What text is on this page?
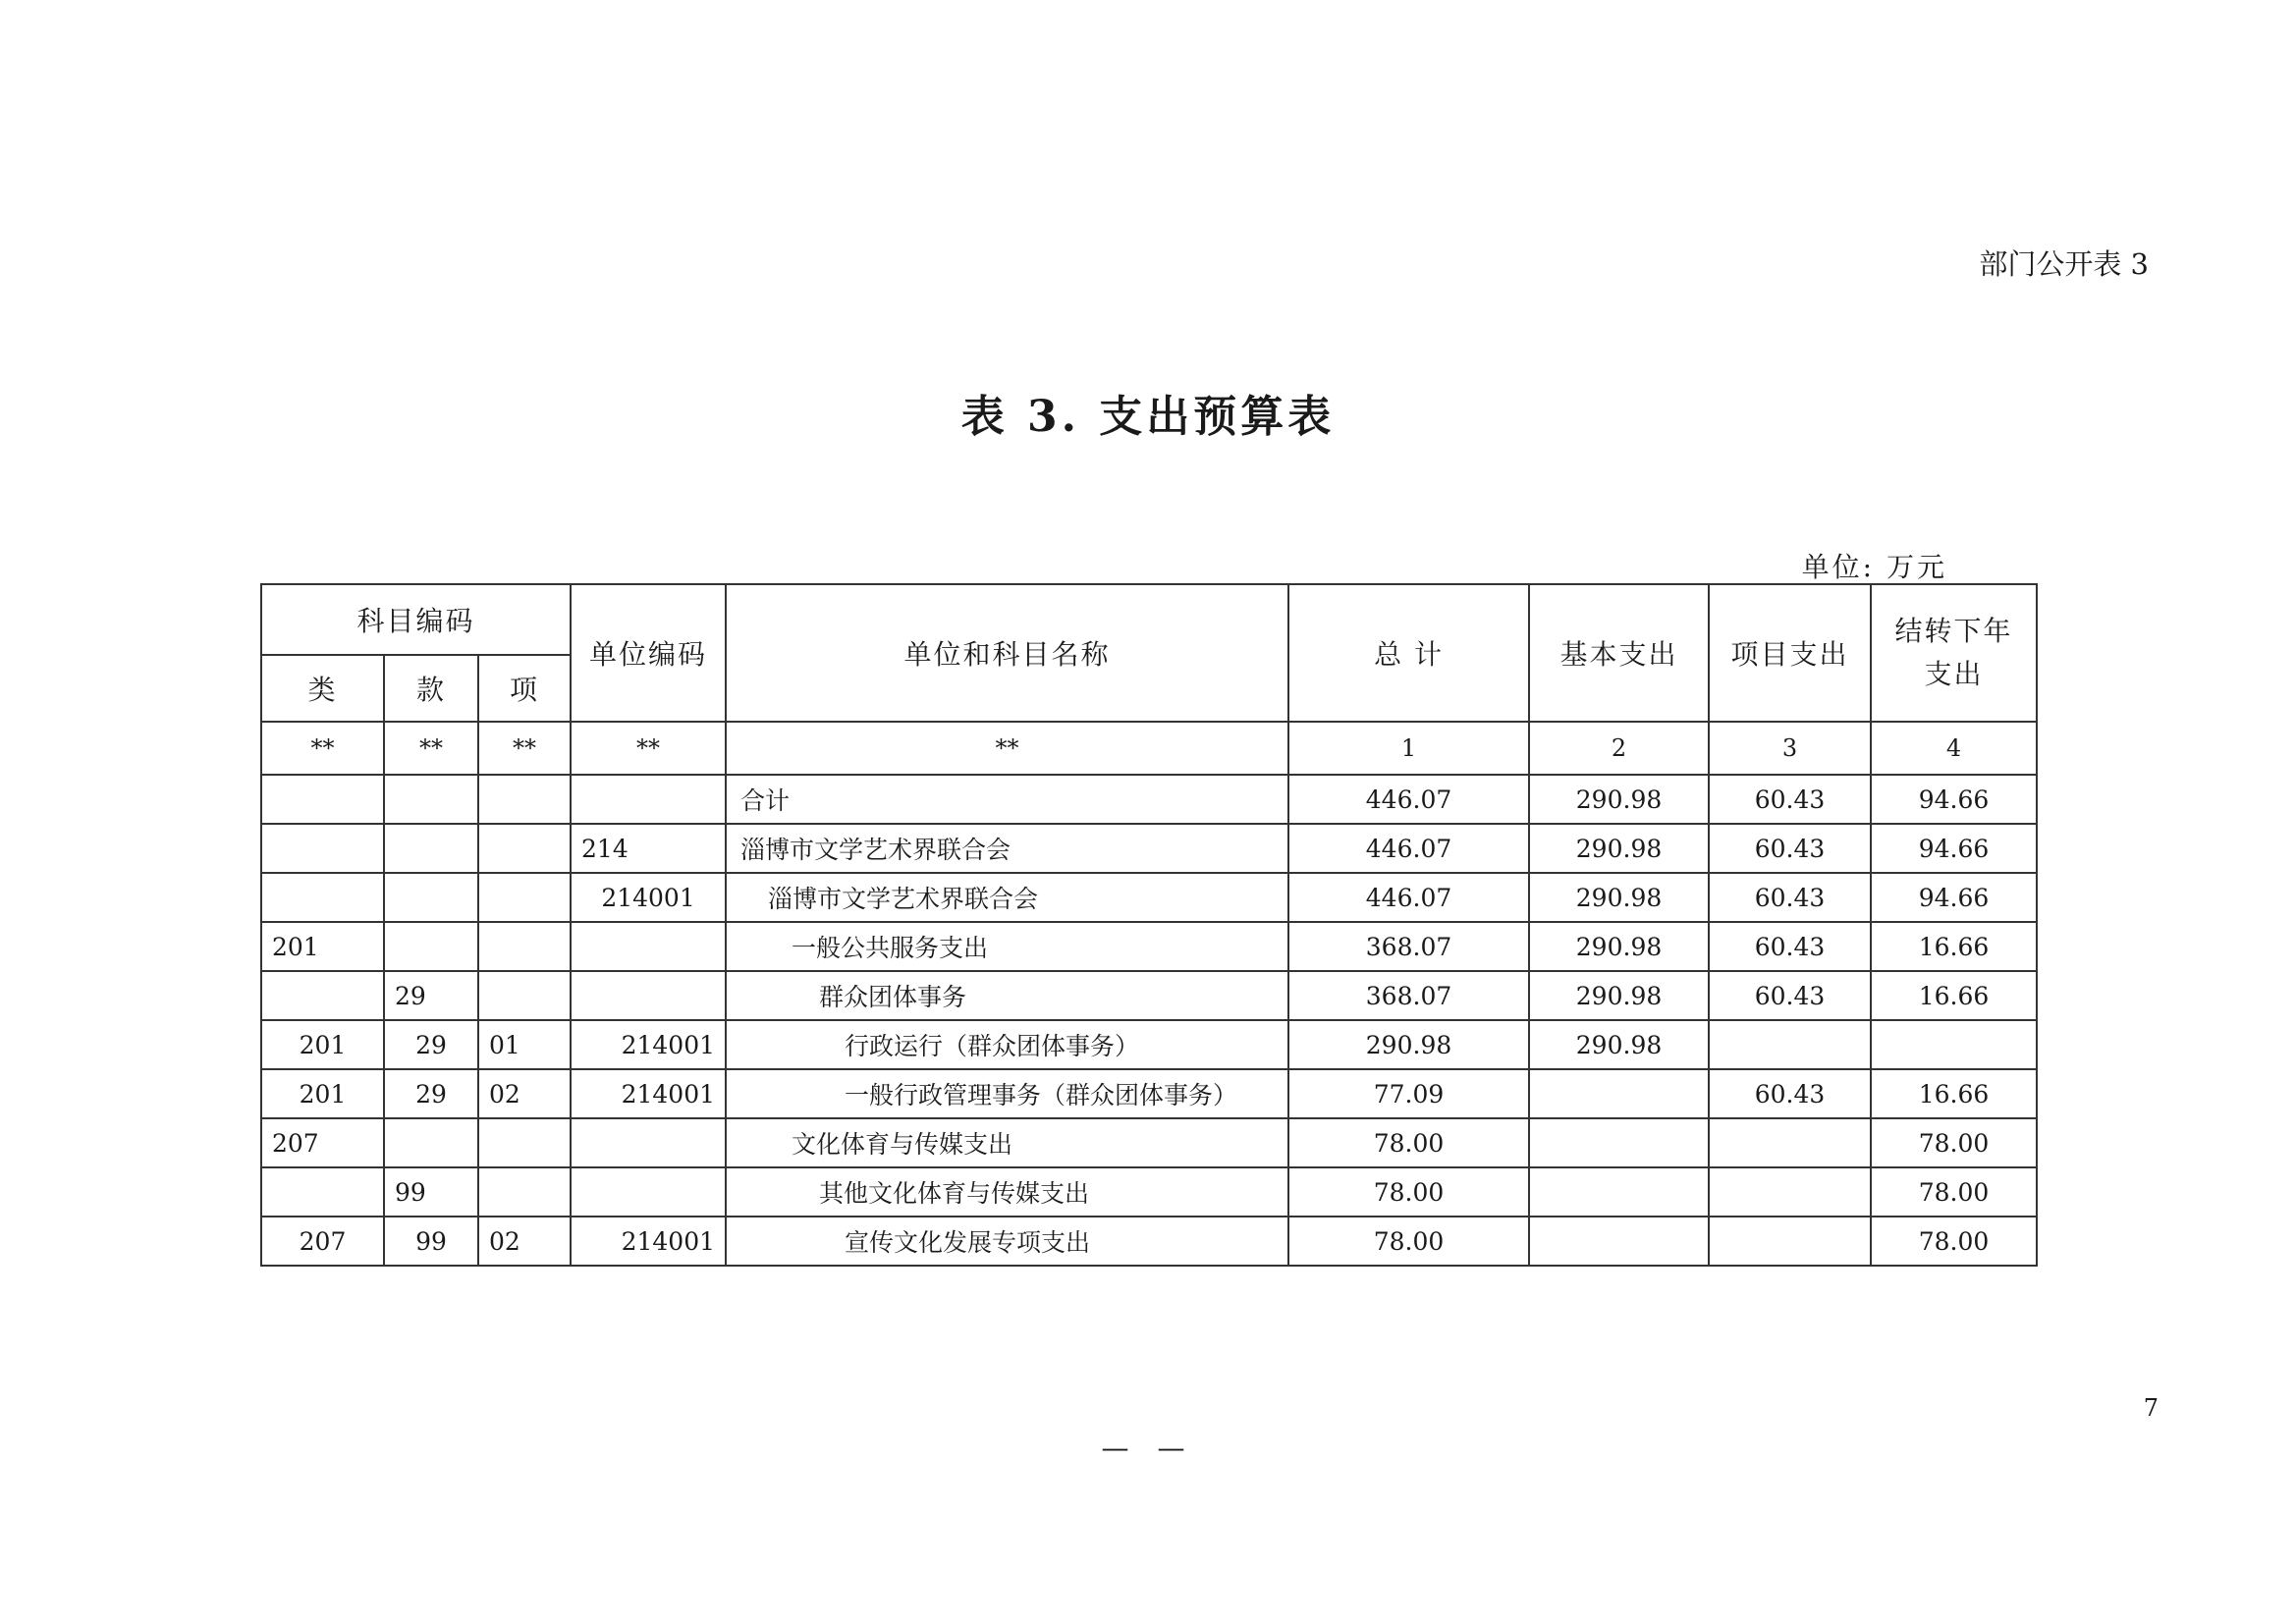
部门公开表 3
表 3. 支出预算表
单位: 万元
科目编码			单位编码	单位和科目名称	总 计	基本支出	项目支出	结转下年支出
类	款	项						
**	**	**	**	**	1	2	3	4
				合计	446.07	290.98	60.43	94.66
			214	淄博市文学艺术界联合会	446.07	290.98	60.43	94.66
			214001	淄博市文学艺术界联合会	446.07	290.98	60.43	94.66
201				一般公共服务支出	368.07	290.98	60.43	16.66
	29			群众团体事务	368.07	290.98	60.43	16.66
201	29	01	214001	行政运行（群众团体事务）	290.98	290.98		
201	29	02	214001	一般行政管理事务（群众团体事务）	77.09		60.43	16.66
207				文化体育与传媒支出	78.00			78.00
	99			其他文化体育与传媒支出	78.00			78.00
207	99	02	214001	宣传文化发展专项支出	78.00			78.00
7
— —
